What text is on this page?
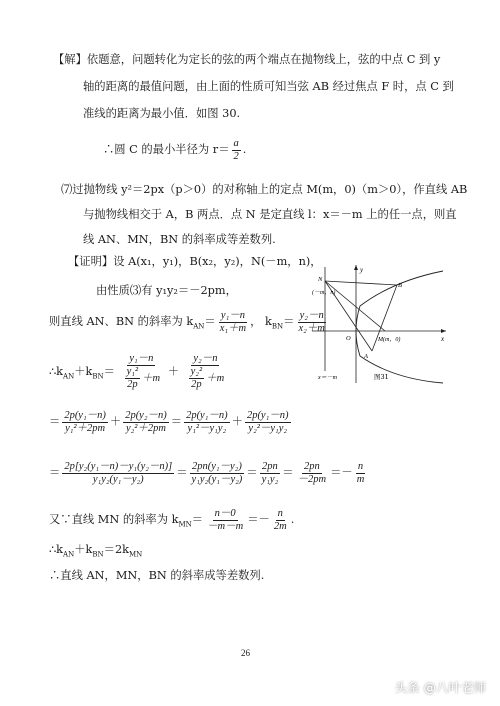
【解】依题意，问题转化为定长的弦的两个端点在抛物线上，弦的中点 C 到 y
轴的距离的最值问题，由上面的性质可知当弦 AB 经过焦点 F 时，点 C 到
准线的距离为最小值．如图 30.
∴圆 C 的最小半径为 $r= \frac{a}{2}$ .
⑺过抛物线 y²＝2px（p＞0）的对称轴上的定点 M(m，0)（m＞0），作直线 AB
与抛物线相交于 A，B 两点．点 N 是定直线 l：x＝－m 上的任一点，则直
线 AN、MN，BN 的斜率成等差数列.
【证明】设 A(x₁，y₁)，B(x₂，y₂)，N(－m，n)，
由性质⑶有 y₁y₂＝－2pm，
则直线 AN、BN 的斜率为 $k_{AN}= \frac{\text{y₁－n}}{\text{x₁＋m}}$ ， $k_{BN}= \frac{\text{y₂－n}}{\text{x₂＋m}}$
$\therefore k_{AN}+k_{BN}= \frac{\text{y₁－n}}{\frac{\text{y₁²}}{2p} +m} + \frac{\text{y₂－n}}{\frac{\text{y₂²}}{2p} +m}$
＝ $\frac{\text{2p(y₁－n)}}{\text{y₁²＋2pm}} + \frac{\text{2p(y₂－n)}}{\text{y₂²＋2pm}} = \frac{\text{2p(y₁－n)}}{\text{y₁²－y₁y₂}} + \frac{\text{2p(y₁－n)}}{\text{y₂²－y₁y₂}}$
＝ $\frac{\text{2p[y₂(y₁－n)－y₁(y₂－n)]}}{\text{y₁y₂(y₁－y₂)}} = \frac{\text{2pn(y₁－y₂)}}{\text{y₁y₂(y₁－y₂)}} = \frac{2pn}{\text{y₁y₂}} = \frac{2pn}{-2pm} =- \frac{n}{m}$
又∵直线 MN 的斜率为 $k_{MN}= \frac{n-0}{-m-m} =- \frac{n}{2m}$ .
$\therefore k_{AN}+k_{BN}=2k_{MN}$
∴直线 AN，MN，BN 的斜率成等差数列.
y
x
N
(－m，n)
B
O	M(m，0)
A
x＝－m	图31
26
头条 @八叶老师
